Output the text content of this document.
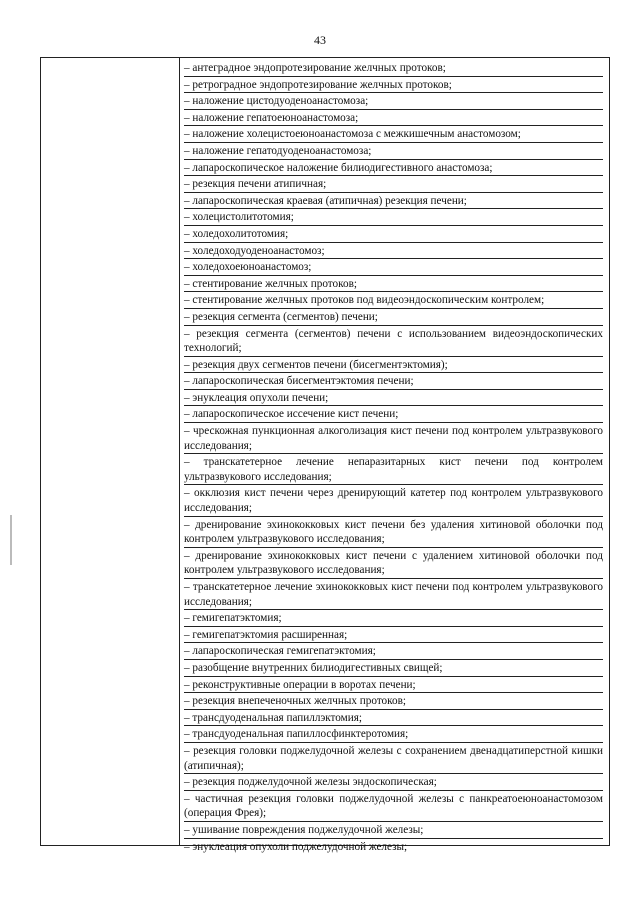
43
– антеградное эндопротезирование желчных протоков;
– ретроградное эндопротезирование желчных протоков;
– наложение цистодуоденоанастомоза;
– наложение гепатоеюноанастомоза;
– наложение холецистоеюноанастомоза с межкишечным анастомозом;
– наложение гепатодуоденоанастомоза;
– лапароскопическое наложение билиодигестивного анастомоза;
– резекция печени атипичная;
– лапароскопическая краевая (атипичная) резекция печени;
– холецистолитотомия;
– холедохолитотомия;
– холедоходуоденоанастомоз;
– холедохоеюноанастомоз;
– стентирование желчных протоков;
– стентирование желчных протоков под видеоэндоскопическим контролем;
– резекция сегмента (сегментов) печени;
– резекция сегмента (сегментов) печени с использованием видеоэндоскопических технологий;
– резекция двух сегментов печени (бисегментэктомия);
– лапароскопическая бисегментэктомия печени;
– энуклеация опухоли печени;
– лапароскопическое иссечение кист печени;
– чрескожная пункционная алкоголизация кист печени под контролем ультразвукового исследования;
– транскатетерное лечение непаразитарных кист печени под контролем ультразвукового исследования;
– окклюзия кист печени через дренирующий катетер под контролем ультразвукового исследования;
– дренирование эхинококковых кист печени без удаления хитиновой оболочки под контролем ультразвукового исследования;
– дренирование эхинококковых кист печени с удалением хитиновой оболочки под контролем ультразвукового исследования;
– транскатетерное лечение эхинококковых кист печени под контролем ультразвукового исследования;
– гемигепатэктомия;
– гемигепатэктомия расширенная;
– лапароскопическая гемигепатэктомия;
– разобщение внутренних билиодигестивных свищей;
– реконструктивные операции в воротах печени;
– резекция внепеченочных желчных протоков;
– трансдуоденальная папиллэктомия;
– трансдуоденальная папиллосфинктеротомия;
– резекция головки поджелудочной железы с сохранением двенадцатиперстной кишки (атипичная);
– резекция поджелудочной железы эндоскопическая;
– частичная резекция головки поджелудочной железы с панкреатоеюноанастомозом (операция Фрея);
– ушивание повреждения поджелудочной железы;
– энуклеация опухоли поджелудочной железы;
